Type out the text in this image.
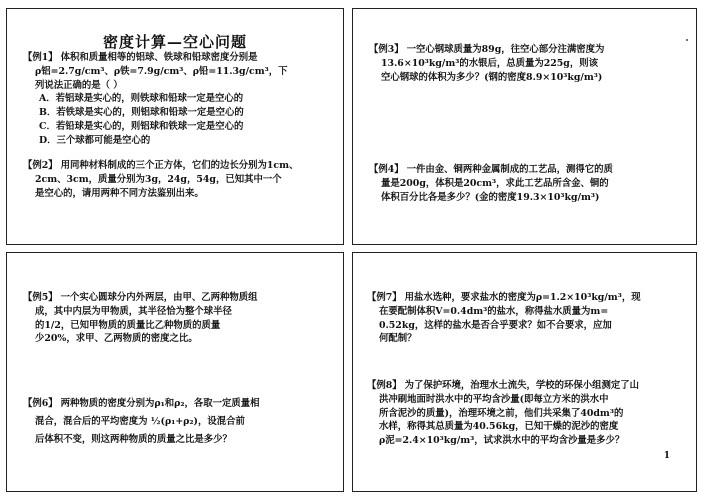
密度计算—空心问题
【例1】 体积和质量相等的铝球、铁球和铅球密度分别是
ρ铝=2.7g/cm³、ρ铁=7.9g/cm³、ρ铅=11.3g/cm³，下
列说法正确的是（ ）
A．若铝球是实心的，则铁球和铅球一定是空心的
B．若铁球是实心的，则铝球和铅球一定是空心的
C．若铅球是实心的，则铝球和铁球一定是空心的
D．三个球都可能是空心的
【例2】 用同种材料制成的三个正方体，它们的边长分别为1cm、
2cm、3cm，质量分别为3g，24g，54g，已知其中一个
是空心的，请用两种不同方法鉴别出来。
【例3】 一空心钢球质量为89g，往空心部分注满密度为
13.6×10³kg/m³的水银后，总质量为225g，则该
空心钢球的体积为多少？(钢的密度8.9×10³kg/m³)
【例4】 一件由金、铜两种金属制成的工艺品，测得它的质
量是200g，体积是20cm³，求此工艺品所含金、铜的
体积百分比各是多少？(金的密度19.3×10³kg/m³)
【例5】 一个实心圆球分内外两层，由甲、乙两种物质组
成，其中内层为甲物质，其半径恰为整个球半径
的1/2，已知甲物质的质量比乙种物质的质量
少20%，求甲、乙两物质的密度之比。
【例6】 两种物质的密度分别为ρ₁和ρ₂，各取一定质量相
混合，混合后的平均密度为 ½(ρ₁+ρ₂)，设混合前
后体积不变，则这两种物质的质量之比是多少？
【例7】 用盐水选种，要求盐水的密度为ρ=1.2×10³kg/m³，现
在要配制体积V=0.4dm³的盐水，称得盐水质量为m=
0.52kg，这样的盐水是否合乎要求？如不合要求，应加
何配制？
【例8】 为了保护环境，治理水土流失，学校的环保小组测定了山
洪冲刷地面时洪水中的平均含沙量(即每立方米的洪水中
所含泥沙的质量)，治理环境之前，他们共采集了40dm³的
水样，称得其总质量为40.56kg，已知干燥的泥沙的密度
ρ泥=2.4×10³kg/m³，试求洪水中的平均含沙量是多少？
1
